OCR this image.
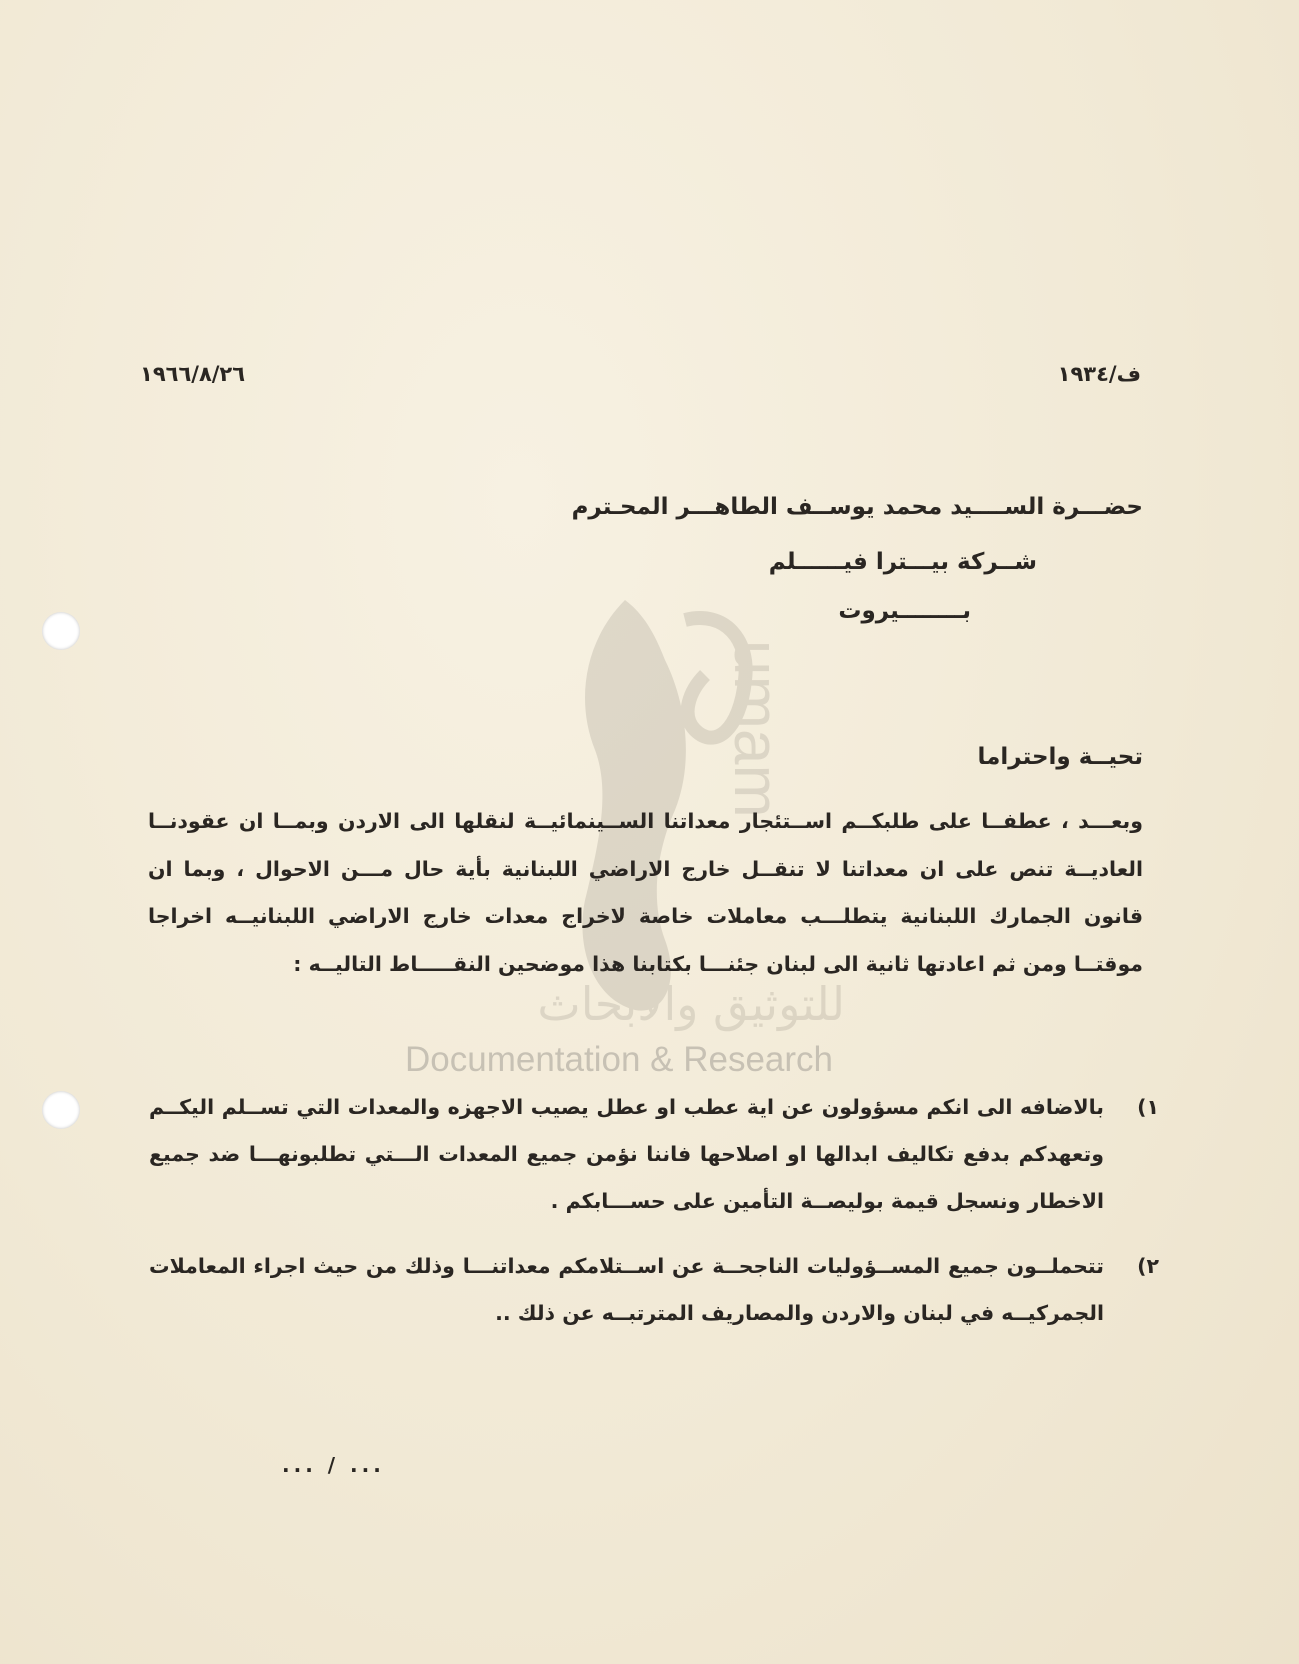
umam
للتوثيق والأبحاث
Documentation & Research
ف/١٩٣٤
١٩٦٦/٨/٢٦
حضـــرة الســــيد محمد يوســف الطاهـــر المحـترم
شــركة بيـــترا فيــــــلم
بــــــــيروت
تحيــة واحتراما
وبعـــد ، عطفــا على طلبكــم اســتئجار معداتنا الســينمائيــة لنقلها الى الاردن وبمــا ان عقودنــا العاديــة تنص على ان معداتنا لا تنقــل خارج الاراضي اللبنانية بأية حال مـــن الاحوال ، وبما ان قانون الجمارك اللبنانية يتطلـــب معاملات خاصة لاخراج معدات خارج الاراضي اللبنانيــه اخراجا موقتــا ومن ثم اعادتها ثانية الى لبنان جئنـــا بكتابنا هذا موضحين النقـــــاط التاليــه :
١)
بالاضافه الى انكم مسؤولون عن اية عطب او عطل يصيب الاجهزه والمعدات التي تســلم اليكــم وتعهدكم بدفع تكاليف ابدالها او اصلاحها فاننا نؤمن جميع المعدات الـــتي تطلبونهـــا ضد جميع الاخطار ونسجل قيمة بوليصــة التأمين على حســـابكم .
٢)
تتحملــون جميع المســؤوليات الناجحــة عن اســتلامكم معداتنـــا وذلك من حيث اجراء المعاملات الجمركيــه في لبنان والاردن والمصاريف المترتبــه عن ذلك ..
... / ...
